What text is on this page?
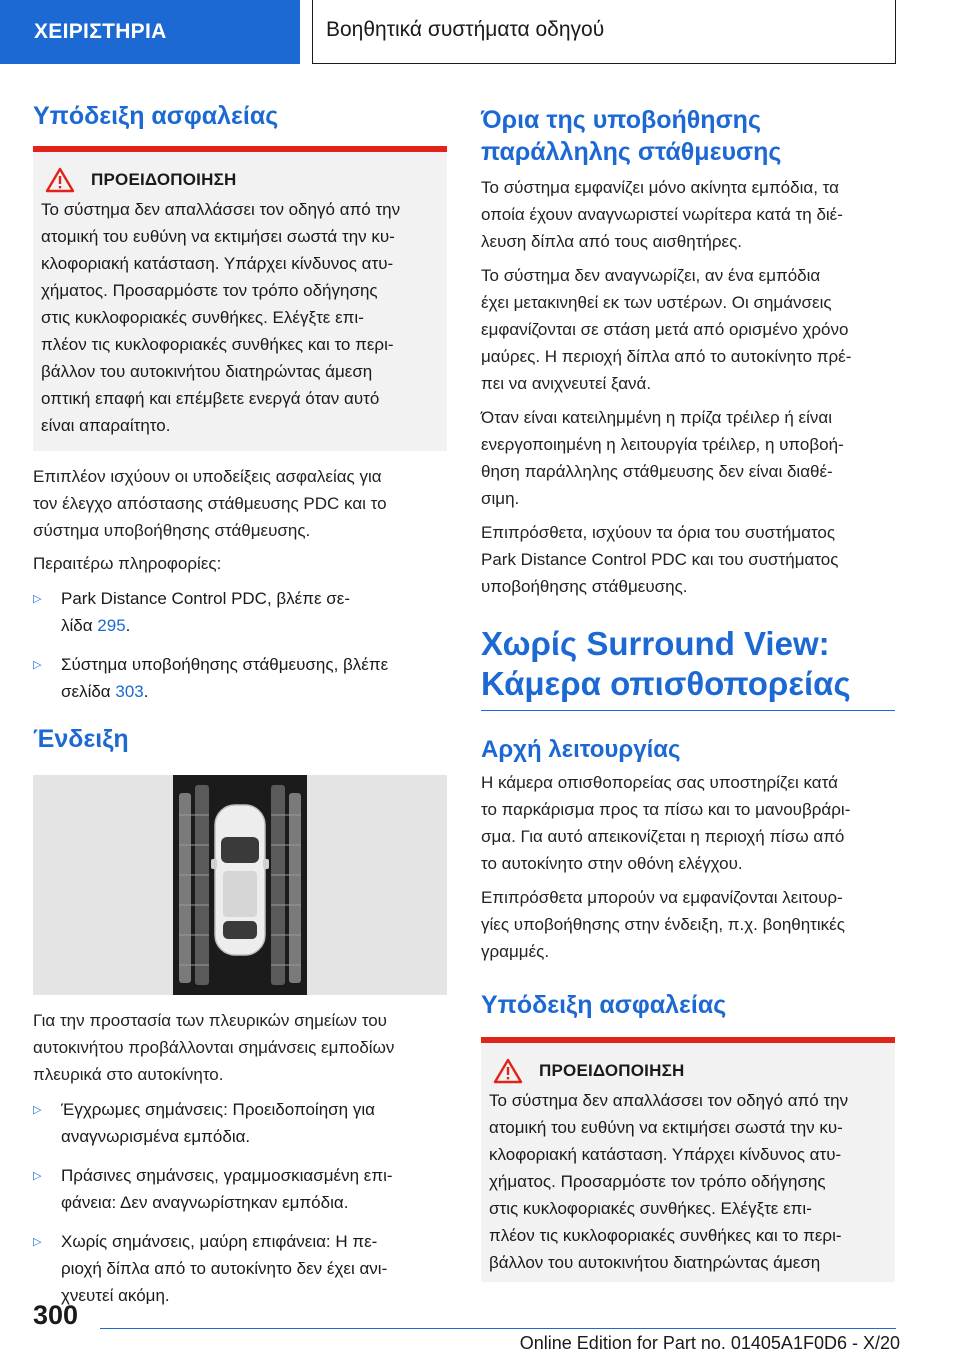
ΧΕΙΡΙΣΤΗΡΙΑ	Βοηθητικά συστήματα οδηγού
Υπόδειξη ασφαλείας
ΠΡΟΕΙΔΟΠΟΙΗΣΗ
Το σύστημα δεν απαλλάσσει τον οδηγό από την
ατομική του ευθύνη να εκτιμήσει σωστά την κυ-
κλοφοριακή κατάσταση. Υπάρχει κίνδυνος ατυ-
χήματος. Προσαρμόστε τον τρόπο οδήγησης
στις κυκλοφοριακές συνθήκες. Ελέγξτε επι-
πλέον τις κυκλοφοριακές συνθήκες και το περι-
βάλλον του αυτοκινήτου διατηρώντας άμεση
οπτική επαφή και επέμβετε ενεργά όταν αυτό
είναι απαραίτητο.

Επιπλέον ισχύουν οι υποδείξεις ασφαλείας για
τον έλεγχο απόστασης στάθμευσης PDC και το
σύστημα υποβοήθησης στάθμευσης.

Περαιτέρω πληροφορίες:

▷	Park Distance Control PDC, βλέπε σε-
λίδα 295.
▷	Σύστημα υποβοήθησης στάθμευσης, βλέπε
σελίδα 303.
Ένδειξη

Για την προστασία των πλευρικών σημείων του
αυτοκινήτου προβάλλονται σημάνσεις εμποδίων
πλευρικά στο αυτοκίνητο.

▷	Έγχρωμες σημάνσεις: Προειδοποίηση για
αναγνωρισμένα εμπόδια.
▷	Πράσινες σημάνσεις, γραμμοσκιασμένη επι-
φάνεια: Δεν αναγνωρίστηκαν εμπόδια.
▷	Χωρίς σημάνσεις, μαύρη επιφάνεια: Η πε-
ριοχή δίπλα από το αυτοκίνητο δεν έχει ανι-
χνευτεί ακόμη.
Όρια της υποβοήθησης
παράλληλης στάθμευσης

Το σύστημα εμφανίζει μόνο ακίνητα εμπόδια, τα
οποία έχουν αναγνωριστεί νωρίτερα κατά τη διέ-
λευση δίπλα από τους αισθητήρες.

Το σύστημα δεν αναγνωρίζει, αν ένα εμπόδια
έχει μετακινηθεί εκ των υστέρων. Οι σημάνσεις
εμφανίζονται σε στάση μετά από ορισμένο χρόνο
μαύρες. Η περιοχή δίπλα από το αυτοκίνητο πρέ-
πει να ανιχνευτεί ξανά.

Όταν είναι κατειλημμένη η πρίζα τρέιλερ ή είναι
ενεργοποιημένη η λειτουργία τρέιλερ, η υποβοή-
θηση παράλληλης στάθμευσης δεν είναι διαθέ-
σιμη.

Επιπρόσθετα, ισχύουν τα όρια του συστήματος
Park Distance Control PDC και του συστήματος
υποβοήθησης στάθμευσης.

Χωρίς Surround View:
Κάμερα οπισθοπορείας
Αρχή λειτουργίας

Η κάμερα οπισθοπορείας σας υποστηρίζει κατά
το παρκάρισμα προς τα πίσω και το μανουβράρι-
σμα. Για αυτό απεικονίζεται η περιοχή πίσω από
το αυτοκίνητο στην οθόνη ελέγχου.

Επιπρόσθετα μπορούν να εμφανίζονται λειτουρ-
γίες υποβοήθησης στην ένδειξη, π.χ. βοηθητικές
γραμμές.

Υπόδειξη ασφαλείας
ΠΡΟΕΙΔΟΠΟΙΗΣΗ
Το σύστημα δεν απαλλάσσει τον οδηγό από την
ατομική του ευθύνη να εκτιμήσει σωστά την κυ-
κλοφοριακή κατάσταση. Υπάρχει κίνδυνος ατυ-
χήματος. Προσαρμόστε τον τρόπο οδήγησης
στις κυκλοφοριακές συνθήκες. Ελέγξτε επι-
πλέον τις κυκλοφοριακές συνθήκες και το περι-
βάλλον του αυτοκινήτου διατηρώντας άμεση
300
Online Edition for Part no. 01405A1F0D6 - X/20
